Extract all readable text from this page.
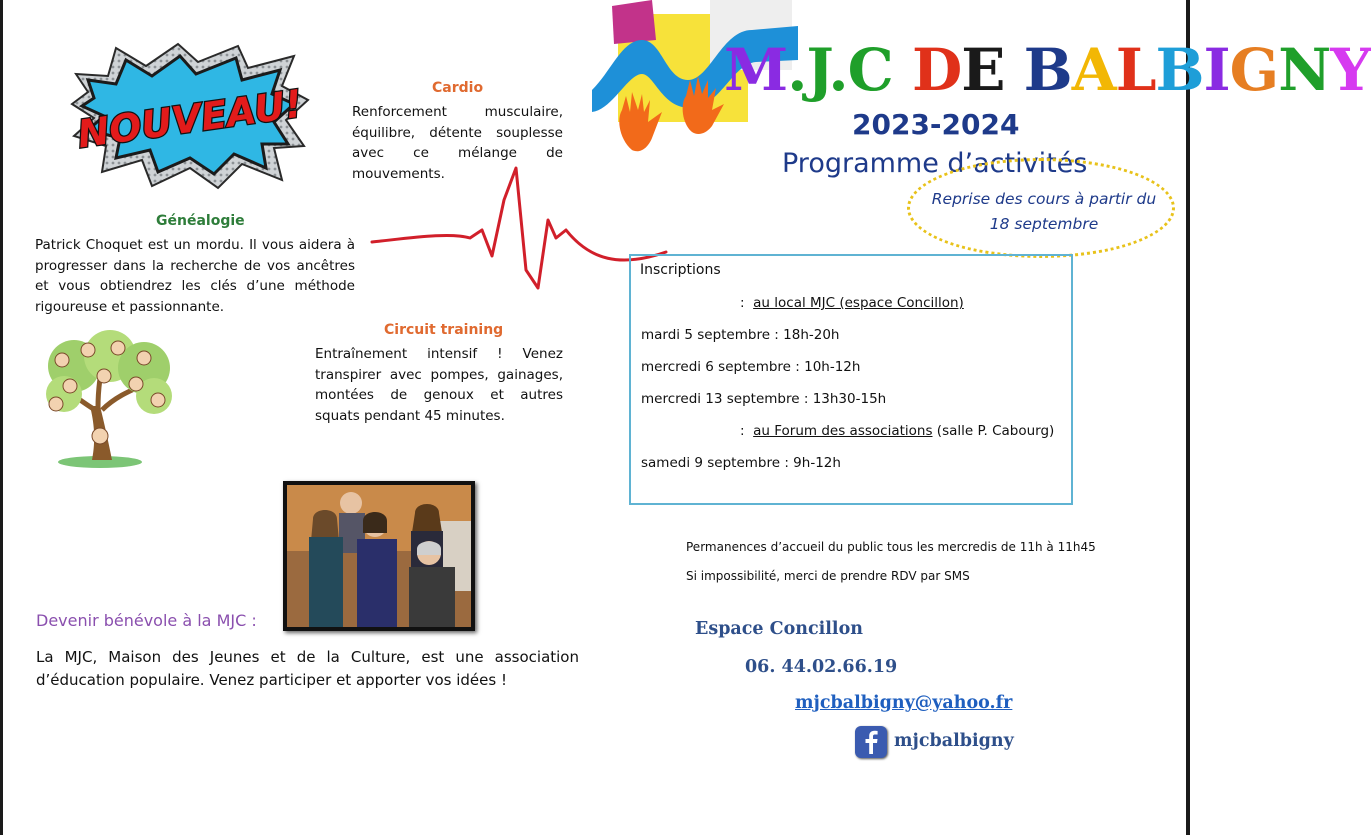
NOUVEAU!	Cardio

Renforcement musculaire, équilibre, détente souplesse avec ce mélange de mouvements.

Généalogie

Patrick Choquet est un mordu. Il vous aidera à progresser dans la recherche de vos ancêtres et vous obtiendrez les clés d’une méthode rigoureuse et passionnante.

Circuit training

Entraînement intensif ! Venez transpirer avec pompes, gainages, montées de genoux et autres squats pendant 45 minutes.

Devenir bénévole à la MJC :

La MJC, Maison des Jeunes et de la Culture, est une association d’éducation populaire. Venez participer et apporter vos idées !

M.J.C DE BALBIGNY
2023-2024
Programme d’activités
Reprise des cours à partir du 18 septembre
Inscriptions
:  au local MJC (espace Concillon)
mardi 5 septembre : 18h-20h
mercredi 6 septembre : 10h-12h
mercredi 13 septembre : 13h30-15h
:  au Forum des associations (salle P. Cabourg)
samedi 9 septembre : 9h-12h
Permanences d’accueil du public tous les mercredis de 11h à 11h45
Si impossibilité, merci de prendre RDV par SMS
Espace Concillon
06. 44.02.66.19
mjcbalbigny@yahoo.fr
mjcbalbigny
